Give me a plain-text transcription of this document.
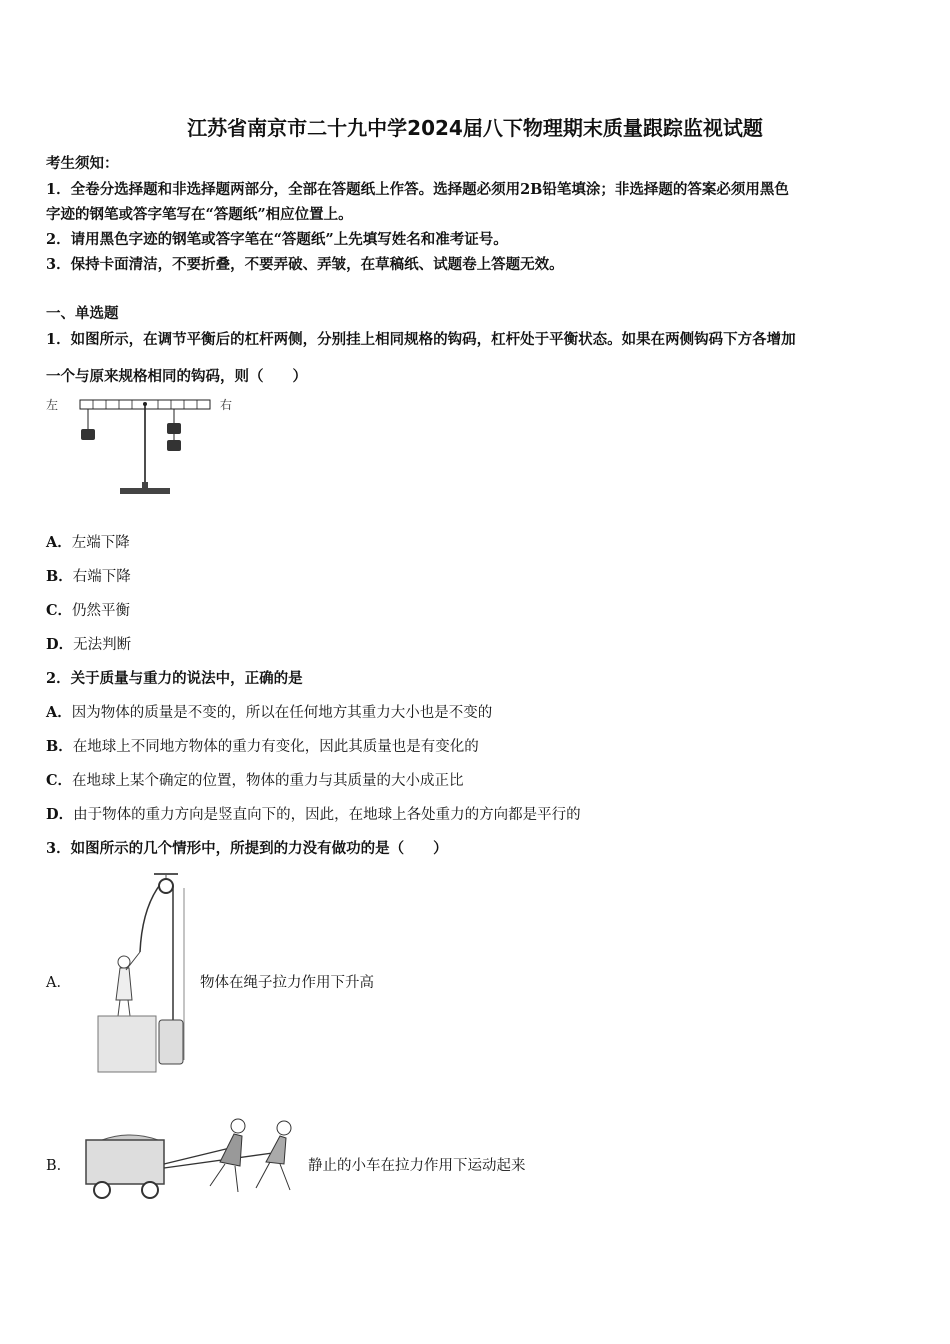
江苏省南京市二十九中学2024届八下物理期末质量跟踪监视试题
考生须知：
1．全卷分选择题和非选择题两部分，全部在答题纸上作答。选择题必须用2B铅笔填涂；非选择题的答案必须用黑色
字迹的钢笔或答字笔写在“答题纸”相应位置上。
2．请用黑色字迹的钢笔或答字笔在“答题纸”上先填写姓名和准考证号。
3．保持卡面清洁，不要折叠，不要弄破、弄皱，在草稿纸、试题卷上答题无效。
一、单选题
1．如图所示，在调节平衡后的杠杆两侧，分别挂上相同规格的钩码，杠杆处于平衡状态。如果在两侧钩码下方各增加
一个与原来规格相同的钩码，则（　　）
左	右
A．左端下降
B．右端下降
C．仍然平衡
D．无法判断
2．关于质量与重力的说法中，正确的是
A．因为物体的质量是不变的，所以在任何地方其重力大小也是不变的
B．在地球上不同地方物体的重力有变化，因此其质量也是有变化的
C．在地球上某个确定的位置，物体的重力与其质量的大小成正比
D．由于物体的重力方向是竖直向下的，因此，在地球上各处重力的方向都是平行的
3．如图所示的几个情形中，所提到的力没有做功的是（　　）
A．	物体在绳子拉力作用下升高
B．	静止的小车在拉力作用下运动起来
